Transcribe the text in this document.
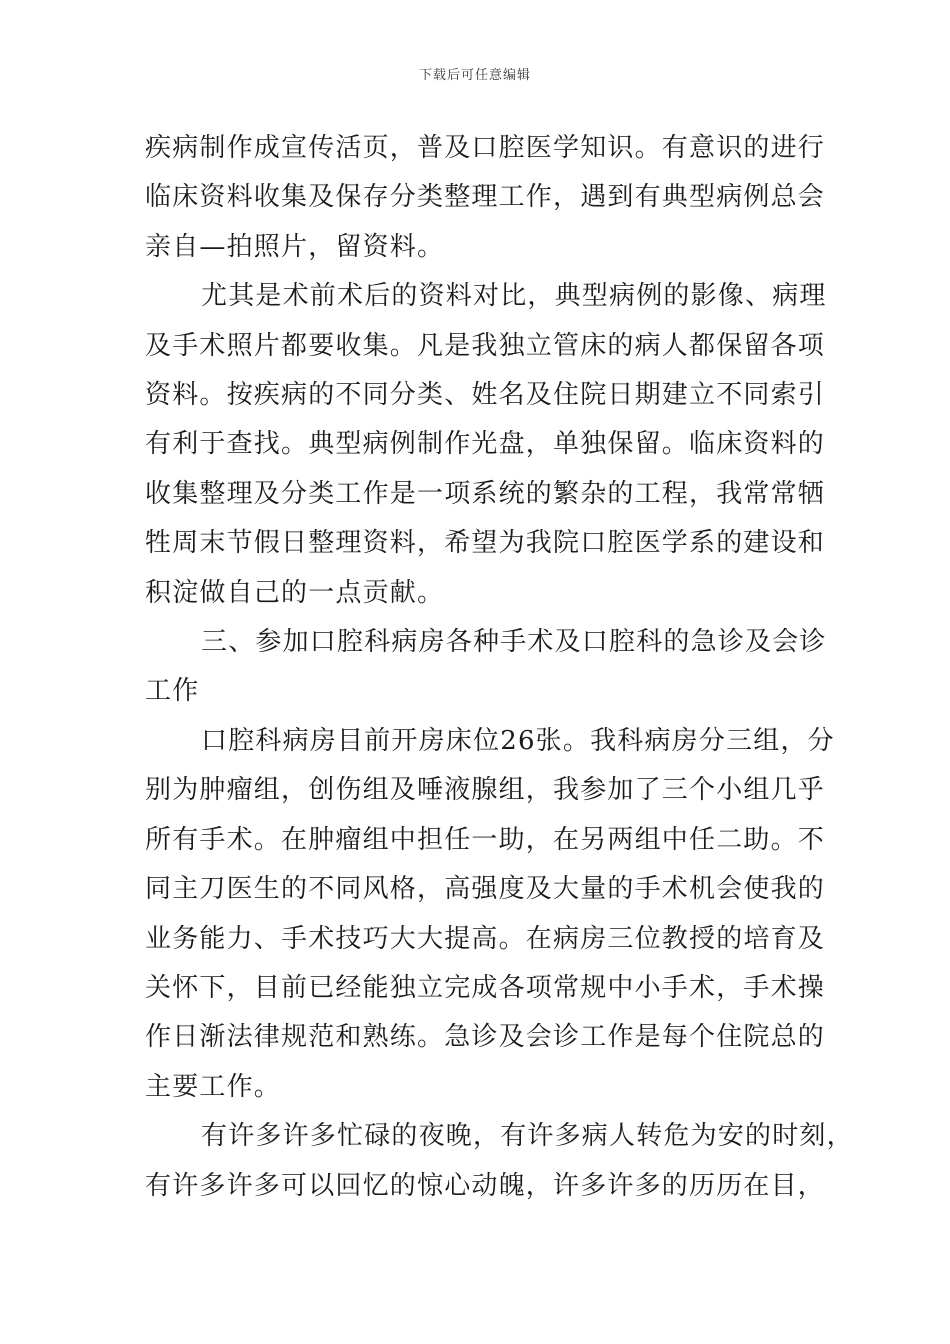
下载后可任意编辑
疾病制作成宣传活页，普及口腔医学知识。有意识的进行
临床资料收集及保存分类整理工作，遇到有典型病例总会
亲自—拍照片，留资料。
尤其是术前术后的资料对比，典型病例的影像、病理
及手术照片都要收集。凡是我独立管床的病人都保留各项
资料。按疾病的不同分类、姓名及住院日期建立不同索引
有利于查找。典型病例制作光盘，单独保留。临床资料的
收集整理及分类工作是一项系统的繁杂的工程，我常常牺
牲周末节假日整理资料，希望为我院口腔医学系的建设和
积淀做自己的一点贡献。
三、参加口腔科病房各种手术及口腔科的急诊及会诊
工作
口腔科病房目前开房床位26张。我科病房分三组，分
别为肿瘤组，创伤组及唾液腺组，我参加了三个小组几乎
所有手术。在肿瘤组中担任一助，在另两组中任二助。不
同主刀医生的不同风格，高强度及大量的手术机会使我的
业务能力、手术技巧大大提高。在病房三位教授的培育及
关怀下，目前已经能独立完成各项常规中小手术，手术操
作日渐法律规范和熟练。急诊及会诊工作是每个住院总的
主要工作。
有许多许多忙碌的夜晚，有许多病人转危为安的时刻，
有许多许多可以回忆的惊心动魄，许多许多的历历在目，
